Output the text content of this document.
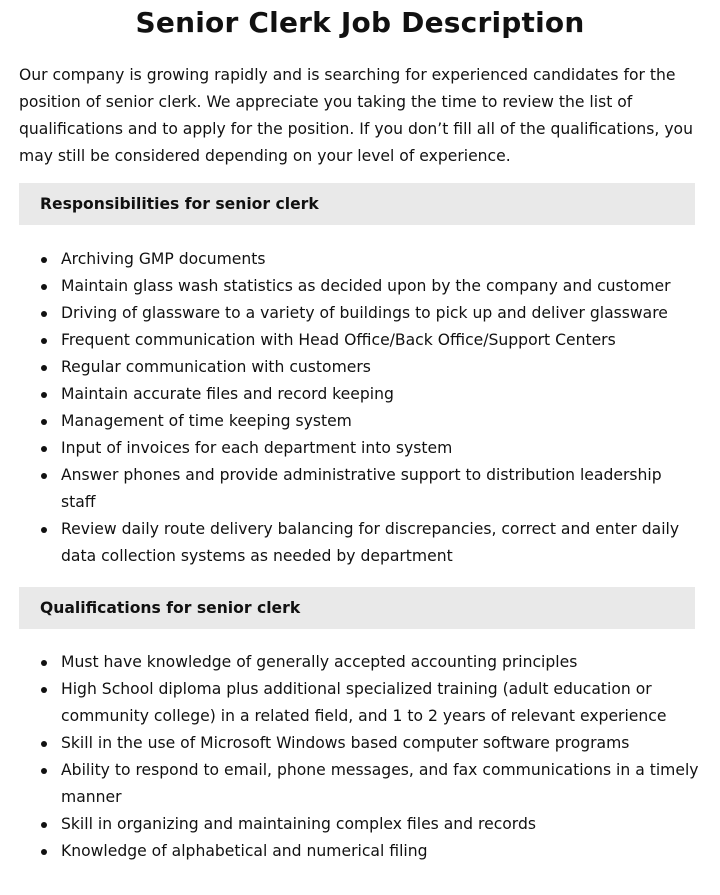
Senior Clerk Job Description

Our company is growing rapidly and is searching for experienced candidates for the position of senior clerk. We appreciate you taking the time to review the list of qualifications and to apply for the position. If you don’t fill all of the qualifications, you may still be considered depending on your level of experience.

Responsibilities for senior clerk
Archiving GMP documents
Maintain glass wash statistics as decided upon by the company and customer
Driving of glassware to a variety of buildings to pick up and deliver glassware
Frequent communication with Head Office/Back Office/Support Centers
Regular communication with customers
Maintain accurate files and record keeping
Management of time keeping system
Input of invoices for each department into system
Answer phones and provide administrative support to distribution leadership staff
Review daily route delivery balancing for discrepancies, correct and enter daily data collection systems as needed by department
Qualifications for senior clerk
Must have knowledge of generally accepted accounting principles
High School diploma plus additional specialized training (adult education or community college) in a related field, and 1 to 2 years of relevant experience
Skill in the use of Microsoft Windows based computer software programs
Ability to respond to email, phone messages, and fax communications in a timely manner
Skill in organizing and maintaining complex files and records
Knowledge of alphabetical and numerical filing
